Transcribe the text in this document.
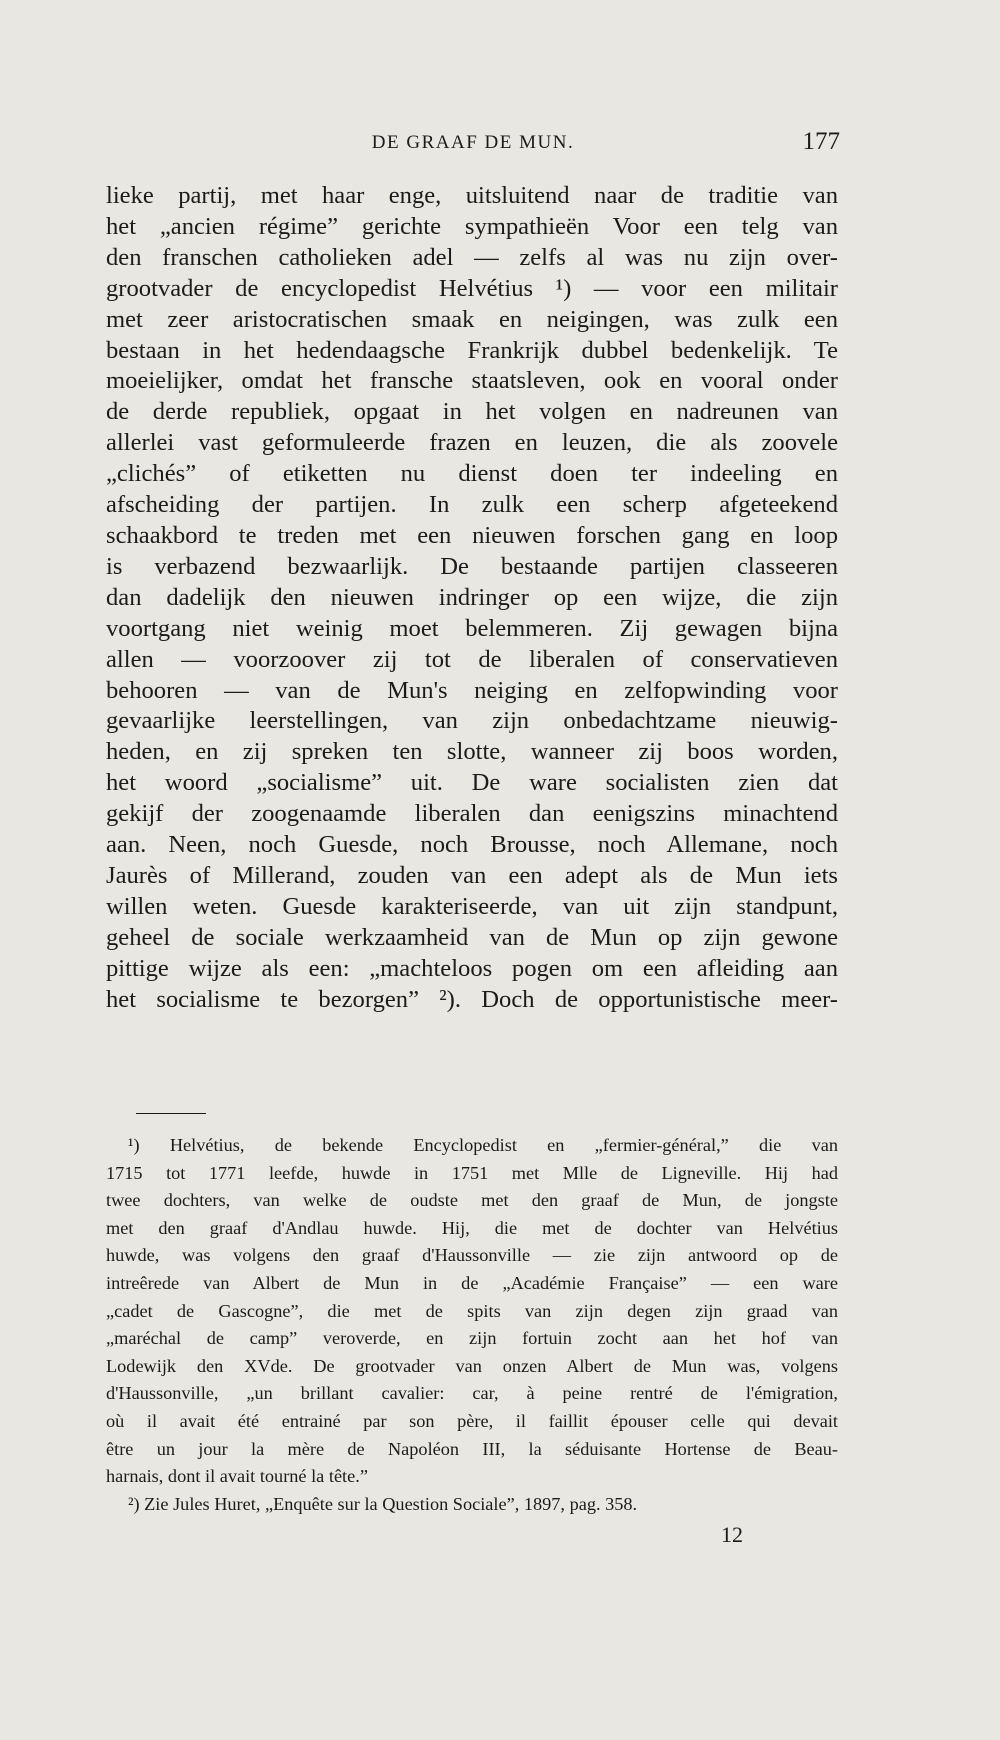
DE GRAAF DE MUN.	177
lieke partij, met haar enge, uitsluitend naar de traditie van
het „ancien régime” gerichte sympathieën Voor een telg van
den franschen catholieken adel — zelfs al was nu zijn over-
grootvader de encyclopedist Helvétius ¹) — voor een militair
met zeer aristocratischen smaak en neigingen, was zulk een
bestaan in het hedendaagsche Frankrijk dubbel bedenkelijk. Te
moeielijker, omdat het fransche staatsleven, ook en vooral onder
de derde republiek, opgaat in het volgen en nadreunen van
allerlei vast geformuleerde frazen en leuzen, die als zoovele
„clichés” of etiketten nu dienst doen ter indeeling en
afscheiding der partijen. In zulk een scherp afgeteekend
schaakbord te treden met een nieuwen forschen gang en loop
is verbazend bezwaarlijk. De bestaande partijen classeeren
dan dadelijk den nieuwen indringer op een wijze, die zijn
voortgang niet weinig moet belemmeren. Zij gewagen bijna
allen — voorzoover zij tot de liberalen of conservatieven
behooren — van de Mun's neiging en zelfopwinding voor
gevaarlijke leerstellingen, van zijn onbedachtzame nieuwig-
heden, en zij spreken ten slotte, wanneer zij boos worden,
het woord „socialisme” uit. De ware socialisten zien dat
gekijf der zoogenaamde liberalen dan eenigszins minachtend
aan. Neen, noch Guesde, noch Brousse, noch Allemane, noch
Jaurès of Millerand, zouden van een adept als de Mun iets
willen weten. Guesde karakteriseerde, van uit zijn standpunt,
geheel de sociale werkzaamheid van de Mun op zijn gewone
pittige wijze als een: „machteloos pogen om een afleiding aan
het socialisme te bezorgen” ²). Doch de opportunistische meer-
¹) Helvétius, de bekende Encyclopedist en „fermier-général,” die van
1715 tot 1771 leefde, huwde in 1751 met Mlle de Ligneville. Hij had
twee dochters, van welke de oudste met den graaf de Mun, de jongste
met den graaf d'Andlau huwde. Hij, die met de dochter van Helvétius
huwde, was volgens den graaf d'Haussonville — zie zijn antwoord op de
intreêrede van Albert de Mun in de „Académie Française” — een ware
„cadet de Gascogne”, die met de spits van zijn degen zijn graad van
„maréchal de camp” veroverde, en zijn fortuin zocht aan het hof van
Lodewijk den XVde. De grootvader van onzen Albert de Mun was, volgens
d'Haussonville, „un brillant cavalier: car, à peine rentré de l'émigration,
où il avait été entrainé par son père, il faillit épouser celle qui devait
être un jour la mère de Napoléon III, la séduisante Hortense de Beau-
harnais, dont il avait tourné la tête.”
²) Zie Jules Huret, „Enquête sur la Question Sociale”, 1897, pag. 358.
12
